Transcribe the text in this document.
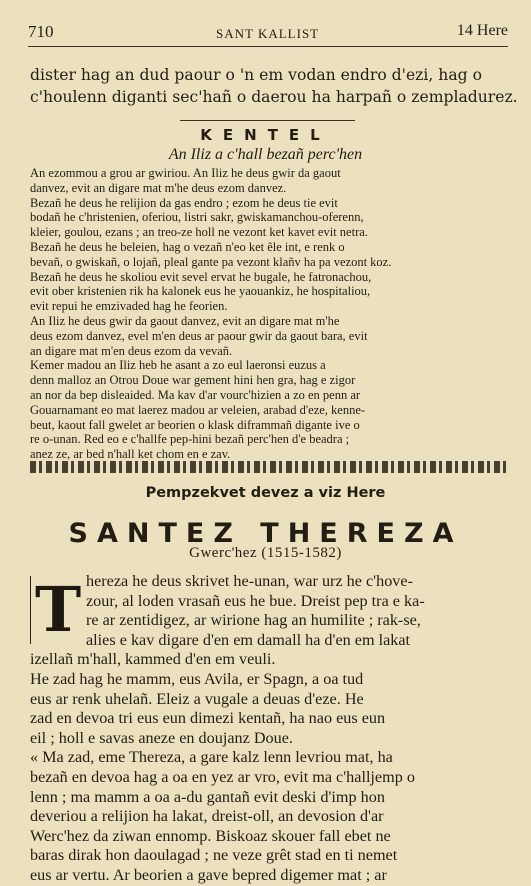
710	SANT KALLIST	14 Here
dister hag an dud paour o 'n em vodan endro d'ezi, hag o
c'houlenn diganti sec'hañ o daerou ha harpañ o zempladurez.
KENTEL
An Iliz a c'hall bezañ perc'hen
An ezommou a grou ar gwiriou. An Iliz he deus gwir da gaout
danvez, evit an digare mat m'he deus ezom danvez.
Bezañ he deus he relijion da gas endro ; ezom he deus tie evit
bodañ he c'hristenien, oferiou, listri sakr, gwiskamanchou-oferenn,
kleier, goulou, ezans ; an treo-ze holl ne vezont ket kavet evit netra.
Bezañ he deus he beleien, hag o vezañ n'eo ket êle int, e renk o
bevañ, o gwiskañ, o lojañ, pleal gante pa vezont klañv ha pa vezont koz.
Bezañ he deus he skoliou evit sevel ervat he bugale, he fatronachou,
evit ober kristenien rik ha kalonek eus he yaouankiz, he hospitaliou,
evit repui he emzivaded hag he feorien.
An Iliz he deus gwir da gaout danvez, evit an digare mat m'he
deus ezom danvez, evel m'en deus ar paour gwir da gaout bara, evit
an digare mat m'en deus ezom da vevañ.
Kemer madou an Iliz heb he asant a zo eul laeronsi euzus a
denn malloz an Otrou Doue war gement hini hen gra, hag e zigor
an nor da bep disleaided. Ma kav d'ar vourc'hizien a zo en penn ar
Gouarnamant eo mat laerez madou ar veleien, arabad d'eze, kenne-
beut, kaout fall gwelet ar beorien o klask diframmañ digante ive o
re o-unan. Red eo e c'hallfe pep-hini bezañ perc'hen d'e beadra ;
anez ze, ar bed n'hall ket chom en e zav.
Pempzekvet devez a viz Here
SANTEZ THEREZA
Gwerc'hez (1515-1582)
T hereza he deus skrivet he-unan, war urz he c'hove-
zour, al loden vrasañ eus he bue. Dreist pep tra e ka-
re ar zentidigez, ar wirione hag an humilite ; rak-se,
alies e kav digare d'en em damall ha d'en em lakat
izellañ m'hall, kammed d'en em veuli.
He zad hag he mamm, eus Avila, er Spagn, a oa tud
eus ar renk uhelañ. Eleiz a vugale a deuas d'eze. He
zad en devoa tri eus eun dimezi kentañ, ha nao eus eun
eil ; holl e savas aneze en doujanz Doue.
« Ma zad, eme Thereza, a gare kalz lenn levriou mat, ha
bezañ en devoa hag a oa en yez ar vro, evit ma c'halljemp o
lenn ; ma mamm a oa a-du gantañ evit deski d'imp hon
deveriou a relijion ha lakat, dreist-oll, an devosion d'ar
Werc'hez da ziwan ennomp. Biskoaz skouer fall ebet ne
baras dirak hon daoulagad ; ne veze grêt stad en ti nemet
eus ar vertu. Ar beorien a gave bepred digemer mat ; ar
